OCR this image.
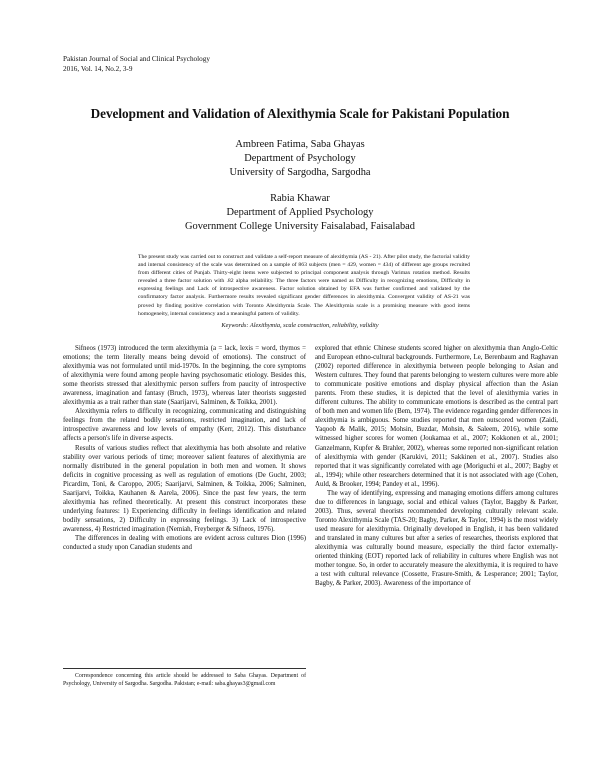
Pakistan Journal of Social and Clinical Psychology
2016, Vol. 14, No.2, 3-9
Development and Validation of Alexithymia Scale for Pakistani Population
Ambreen Fatima, Saba Ghayas
Department of Psychology
University of Sargodha, Sargodha
Rabia Khawar
Department of Applied Psychology
Government College University Faisalabad, Faisalabad
The present study was carried out to construct and validate a self-report measure of alexithymia (AS - 21). After pilot study, the factorial validity and internal consistency of the scale was determined on a sample of 863 subjects (men = 429, women = 434) of different age groups recruited from different cities of Punjab. Thirty-eight items were subjected to principal component analysis through Varimax rotation method. Results revealed a three factor solution with .82 alpha reliability. The three factors were named as Difficulty in recognizing emotions, Difficulty in expressing feelings and Lack of introspective awareness. Factor solution obtained by EFA was further confirmed and validated by the confirmatory factor analysis. Furthermore results revealed significant gender differences in alexithymia. Convergent validity of AS-21 was proved by finding positive correlation with Toronto Alexithymia Scale. The Alexithymia scale is a promising measure with good items homogeneity, internal consistency and a meaningful pattern of validity.
Keywords: Alexithymia, scale construction, reliability, validity

Sifneos (1973) introduced the term alexithymia (a = lack, lexis = word, thymos = emotions; the term literally means being devoid of emotions). The construct of alexithymia was not formulated until mid-1970s. In the beginning, the core symptoms of alexithymia were found among people having psychosomatic etiology. Besides this, some theorists stressed that alexithymic person suffers from paucity of introspective awareness, imagination and fantasy (Bruch, 1973), whereas later theorists suggested alexithymia as a trait rather than state (Saarijarvi, Salminen, & Toikka, 2001).

Alexithymia refers to difficulty in recognizing, communicating and distinguishing feelings from the related bodily sensations, restricted imagination, and lack of introspective awareness and low levels of empathy (Kerr, 2012). This disturbance affects a person's life in diverse aspects.

Results of various studies reflect that alexithymia has both absolute and relative stability over various periods of time; moreover salient features of alexithymia are normally distributed in the general population in both men and women. It shows deficits in cognitive processing as well as regulation of emotions (De Gucht, 2003; Picardim, Toni, & Caroppo, 2005; Saarijarvi, Salminen, & Toikka, 2006; Salminen, Saarijarvi, Toikka, Kauhanen & Aarela, 2006). Since the past few years, the term alexithymia has refined theoretically. At present this construct incorporates these underlying features: 1) Experiencing difficulty in feelings identification and related bodily sensations, 2) Difficulty in expressing feelings. 3) Lack of introspective awareness, 4) Restricted imagination (Nemiah, Freyberger & Sifneos, 1976).

The differences in dealing with emotions are evident across cultures Dion (1996) conducted a study upon Canadian students and

explored that ethnic Chinese students scored higher on alexithymia than Anglo-Celtic and European ethno-cultural backgrounds. Furthermore, Le, Berenbaum and Raghavan (2002) reported difference in alexithymia between people belonging to Asian and Western cultures. They found that parents belonging to western cultures were more able to communicate positive emotions and display physical affection than the Asian parents. From these studies, it is depicted that the level of alexithymia varies in different cultures. The ability to communicate emotions is described as the central part of both men and women life (Bem, 1974). The evidence regarding gender differences in alexithymia is ambiguous. Some studies reported that men outscored women (Zaidi, Yaqoob & Malik, 2015; Mohsin, Buzdar, Mohsin, & Saleem, 2016), while some witnessed higher scores for women (Joukamaa et al., 2007; Kokkonen et al., 2001; Ganzelmann, Kupfer & Brahler, 2002), whereas some reported non-significant relation of alexithymia with gender (Karukivi, 2011; Sakkinen et al., 2007). Studies also reported that it was significantly correlated with age (Moriguchi et al., 2007; Bagby et al., 1994); while other researchers determined that it is not associated with age (Cohen, Auld, & Brooker, 1994; Pandey et al., 1996).

The way of identifying, expressing and managing emotions differs among cultures due to differences in language, social and ethical values (Taylor, Baggby & Parker, 2003). Thus, several theorists recommended developing culturally relevant scale. Toronto Alexithymia Scale (TAS-20; Bagby, Parker, & Taylor, 1994) is the most widely used measure for alexithymia. Originally developed in English, it has been validated and translated in many cultures but after a series of researches, theorists explored that alexithymia was culturally bound measure, especially the third factor externally-oriented thinking (EOT) reported lack of reliability in cultures where English was not mother tongue. So, in order to accurately measure the alexithymia, it is required to have a test with cultural relevance (Cossette, Frasure-Smith, & Lesperance; 2001; Taylor, Bagby, & Parker, 2003). Awareness of the importance of

Correspondence concerning this article should be addressed to Saba Ghayas. Department of Psychology, University of Sargodha. Sargodha. Pakistan; e-mail: saba.ghayas3@gmail.com
